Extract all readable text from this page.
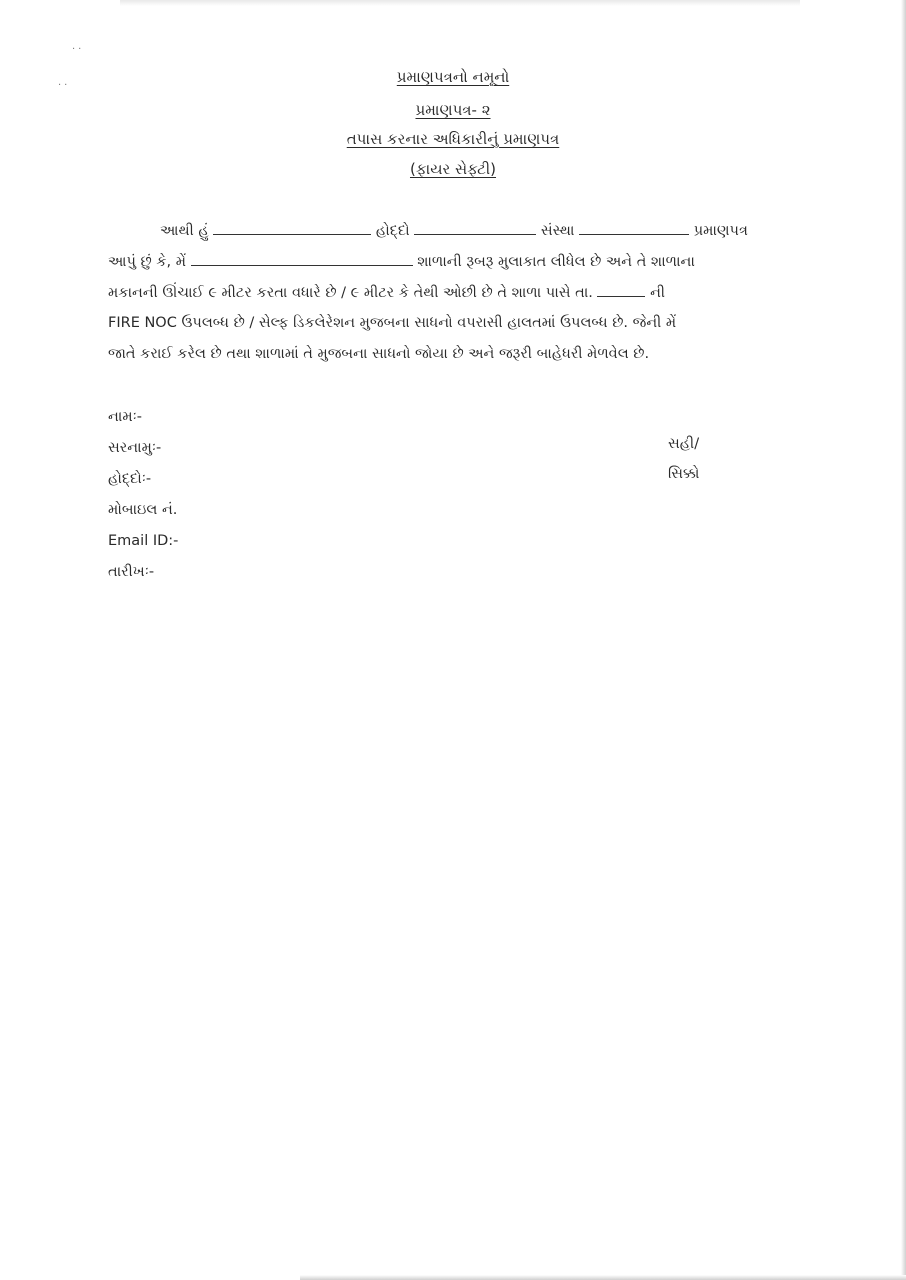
··
··	પ્રમાણપત્રનો નમૂનો
પ્રમાણપત્ર- ૨
તપાસ કરનાર અધિકારીનું પ્રમાણપત્ર
(ફાયર સેફ્ટી)
આથી હું	હોદ્દો	સંસ્થા	પ્રમાણપત્ર
આપું છું કે, મેં	શાળાની રૂબરૂ મુલાકાત લીધેલ છે અને તે શાળાના
મકાનની ઊંચાઈ ૯ મીટર કરતા વધારે છે / ૯ મીટર કે તેથી ઓછી છે તે શાળા પાસે તા.	ની
FIRE NOC ઉપલબ્ધ છે / સેલ્ફ ડિકલેરેશન મુજબના સાધનો વપરાસી હાલતમાં ઉપલબ્ધ છે. જેની મેં
જાતે કરાઈ કરેલ છે તથા શાળામાં તે મુજબના સાધનો જોયા છે અને જરૂરી બાહેધરી મેળવેલ છે.
નામઃ-
સરનામુઃ-
હોદ્દોઃ-
મોબાઇલ નં.
Email ID:-
તારીખઃ-
સહી/
સિક્કો
